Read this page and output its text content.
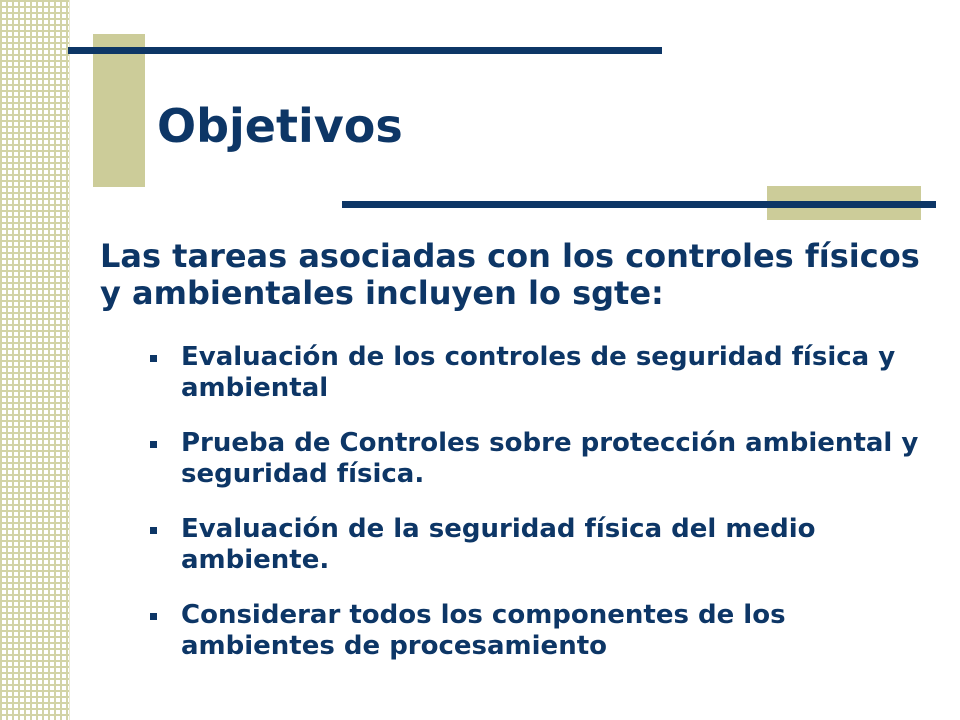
Objetivos

Las tareas asociadas con los controles físicos y ambientales incluyen lo sgte:

Evaluación de los controles de seguridad física y ambiental
Prueba de Controles sobre protección ambiental y seguridad física.
Evaluación de la seguridad física del medio ambiente.
Considerar todos los componentes de los ambientes de procesamiento
